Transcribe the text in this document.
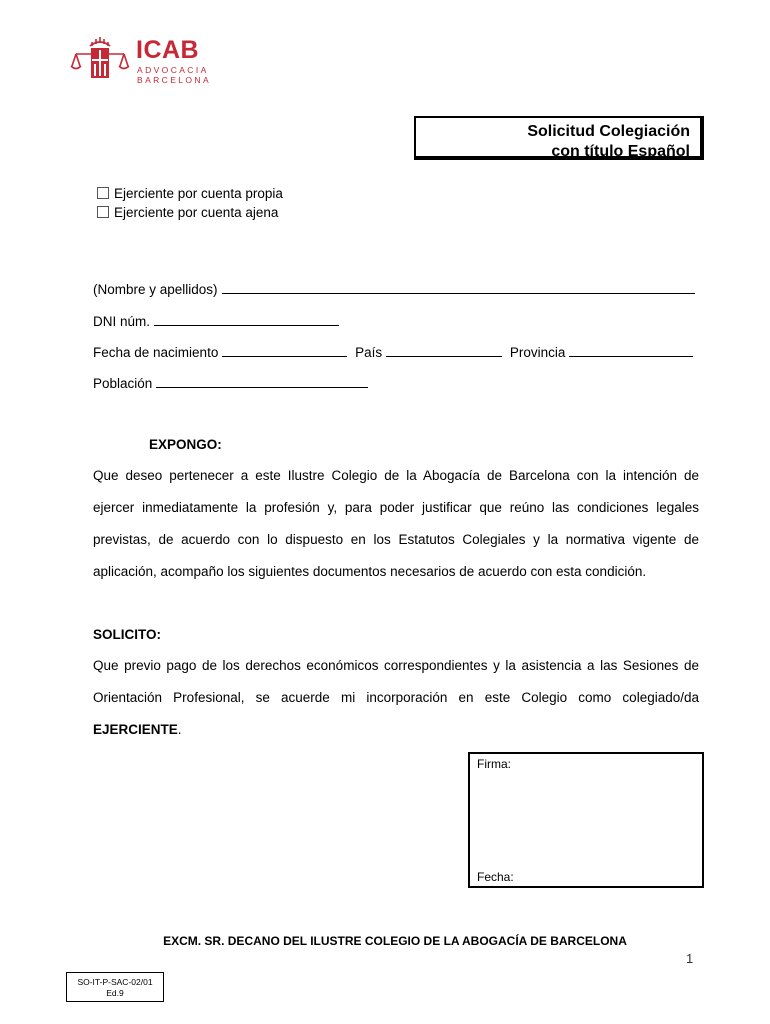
ICAB
ADVOCACIA
BARCELONA
Solicitud Colegiación
con título Español
Ejerciente por cuenta propia
Ejerciente por cuenta ajena
(Nombre y apellidos)
DNI núm.
Fecha de nacimiento	País	Provincia
Población
EXPONGO:
Que deseo pertenecer a este Ilustre Colegio de la Abogacía de Barcelona con la intención de
ejercer inmediatamente la profesión y, para poder justificar que reúno las condiciones legales
previstas, de acuerdo con lo dispuesto en los Estatutos Colegiales y la normativa vigente de
aplicación, acompaño los siguientes documentos necesarios de acuerdo con esta condición.
SOLICITO:
Que previo pago de los derechos económicos correspondientes y la asistencia a las Sesiones de
Orientación Profesional, se acuerde mi incorporación en este Colegio como colegiado/da
EJERCIENTE.
Firma:
Fecha:
EXCM. SR. DECANO DEL ILUSTRE COLEGIO DE LA ABOGACÍA DE BARCELONA
1
SO-IT-P-SAC-02/01
Ed.9
